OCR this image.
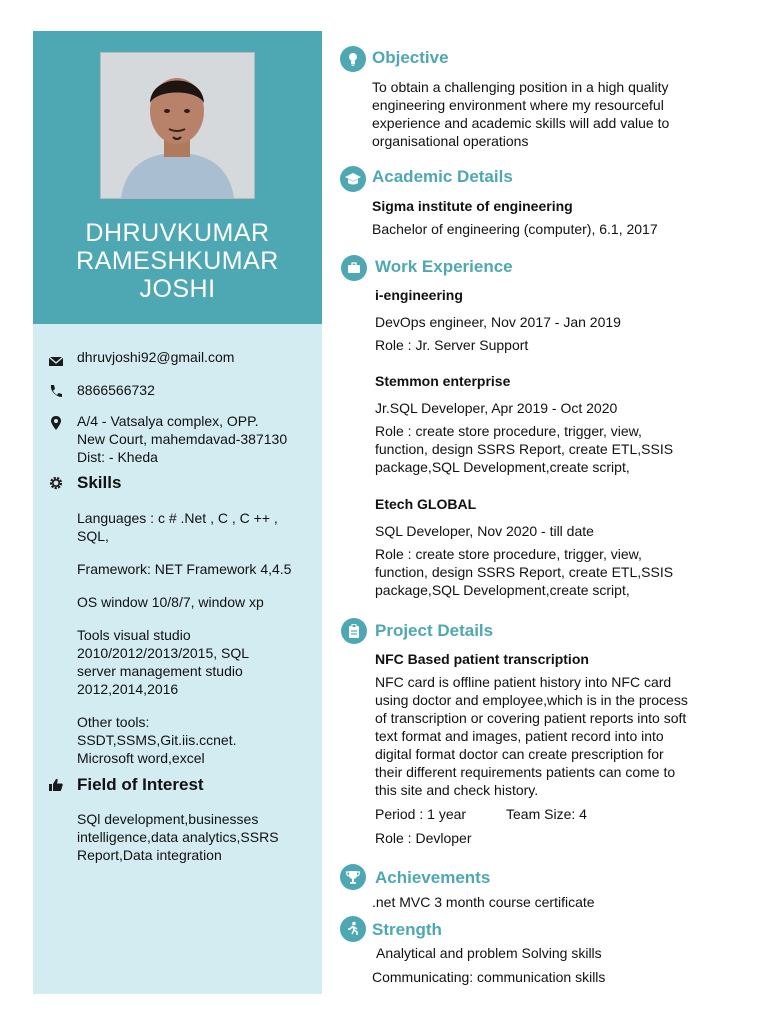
DHRUVKUMAR
RAMESHKUMAR
JOSHI
dhruvjoshi92@gmail.com
8866566732
A/4 - Vatsalya complex, OPP.
New Court, mahemdavad-387130
Dist: - Kheda
Skills
Languages : c # .Net , C , C ++ ,
SQL,
Framework: NET Framework 4,4.5
OS window 10/8/7, window xp
Tools visual studio
2010/2012/2013/2015, SQL
server management studio
2012,2014,2016
Other tools:
SSDT,SSMS,Git.iis.ccnet.
Microsoft word,excel
Field of Interest
SQl development,businesses
intelligence,data analytics,SSRS
Report,Data integration
Objective
To obtain a challenging position in a high quality
engineering environment where my resourceful
experience and academic skills will add value to
organisational operations
Academic Details
Sigma institute of engineering
Bachelor of engineering (computer), 6.1, 2017
Work Experience
i-engineering
DevOps engineer, Nov 2017 - Jan 2019
Role : Jr. Server Support
Stemmon enterprise
Jr.SQL Developer, Apr 2019 - Oct 2020
Role : create store procedure, trigger, view,
function, design SSRS Report, create ETL,SSIS
package,SQL Development,create script,
Etech GLOBAL
SQL Developer, Nov 2020 - till date
Role : create store procedure, trigger, view,
function, design SSRS Report, create ETL,SSIS
package,SQL Development,create script,
Project Details
NFC Based patient transcription
NFC card is offline patient history into NFC card
using doctor and employee,which is in the process
of transcription or covering patient reports into soft
text format and images, patient record into into
digital format doctor can create prescription for
their different requirements patients can come to
this site and check history.
Period : 1 year	Team Size: 4
Role : Devloper
Achievements
.net MVC 3 month course certificate
Strength
Analytical and problem Solving skills
Communicating: communication skills
